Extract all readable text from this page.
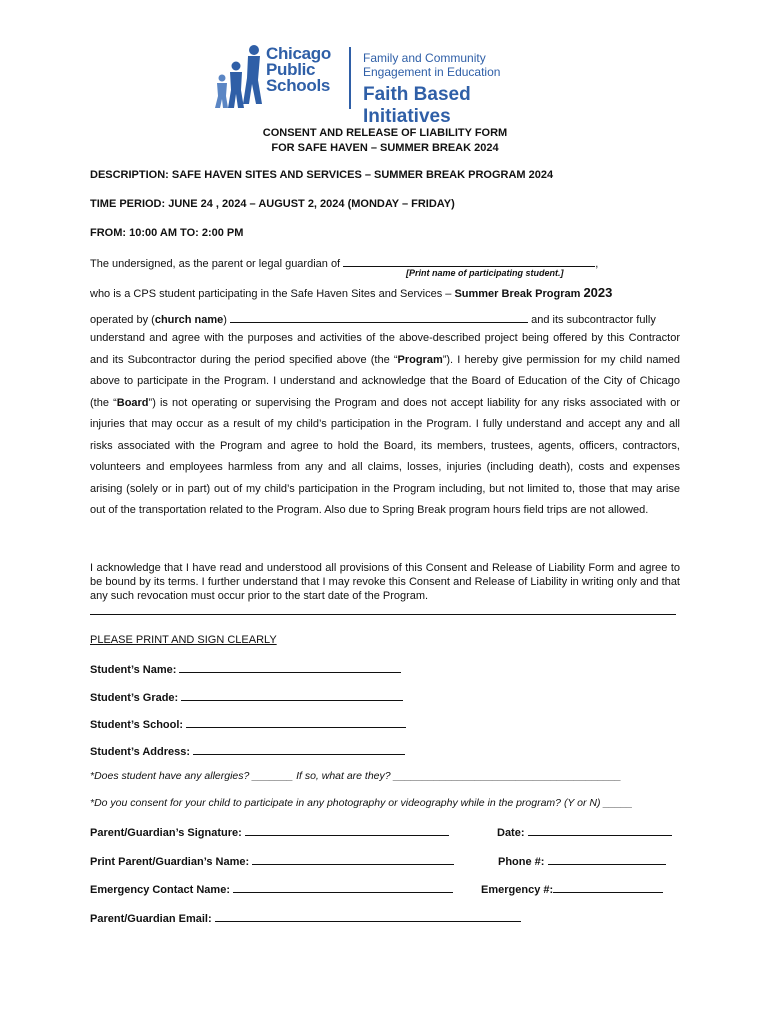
Chicago
Public
Schools
Family and Community
Engagement in Education
Faith Based Initiatives
CONSENT AND RELEASE OF LIABILITY FORM
FOR SAFE HAVEN – SUMMER BREAK 2024
DESCRIPTION: SAFE HAVEN SITES AND SERVICES – SUMMER BREAK PROGRAM 2024
TIME PERIOD: JUNE 24 , 2024 – AUGUST 2, 2024 (MONDAY – FRIDAY)
FROM: 10:00 AM TO: 2:00 PM
The undersigned, as the parent or legal guardian of	,
[Print name of participating student.]
who is a CPS student participating in the Safe Haven Sites and Services – Summer Break Program 2023
operated by (church name)	and its subcontractor fully
understand and agree with the purposes and activities of the above-described project being offered by this Contractor and its Subcontractor during the period specified above (the “Program”). I hereby give permission for my child named above to participate in the Program. I understand and acknowledge that the Board of Education of the City of Chicago (the “Board”) is not operating or supervising the Program and does not accept liability for any risks associated with or injuries that may occur as a result of my child’s participation in the Program. I fully understand and accept any and all risks associated with the Program and agree to hold the Board, its members, trustees, agents, officers, contractors, volunteers and employees harmless from any and all claims, losses, injuries (including death), costs and expenses arising (solely or in part) out of my child’s participation in the Program including, but not limited to, those that may arise out of the transportation related to the Program. Also due to Spring Break program hours field trips are not allowed.
I acknowledge that I have read and understood all provisions of this Consent and Release of Liability Form and agree to be bound by its terms. I further understand that I may revoke this Consent and Release of Liability in writing only and that any such revocation must occur prior to the start date of the Program.
PLEASE PRINT AND SIGN CLEARLY
Student’s Name:
Student’s Grade:
Student’s School:
Student’s Address:
*Does student have any allergies? _______ If so, what are they? _______________________________________
*Do you consent for your child to participate in any photography or videography while in the program? (Y or N) _____
Parent/Guardian’s Signature:	Date:
Print Parent/Guardian’s Name:	Phone #:
Emergency Contact Name:	Emergency #:
Parent/Guardian Email:
